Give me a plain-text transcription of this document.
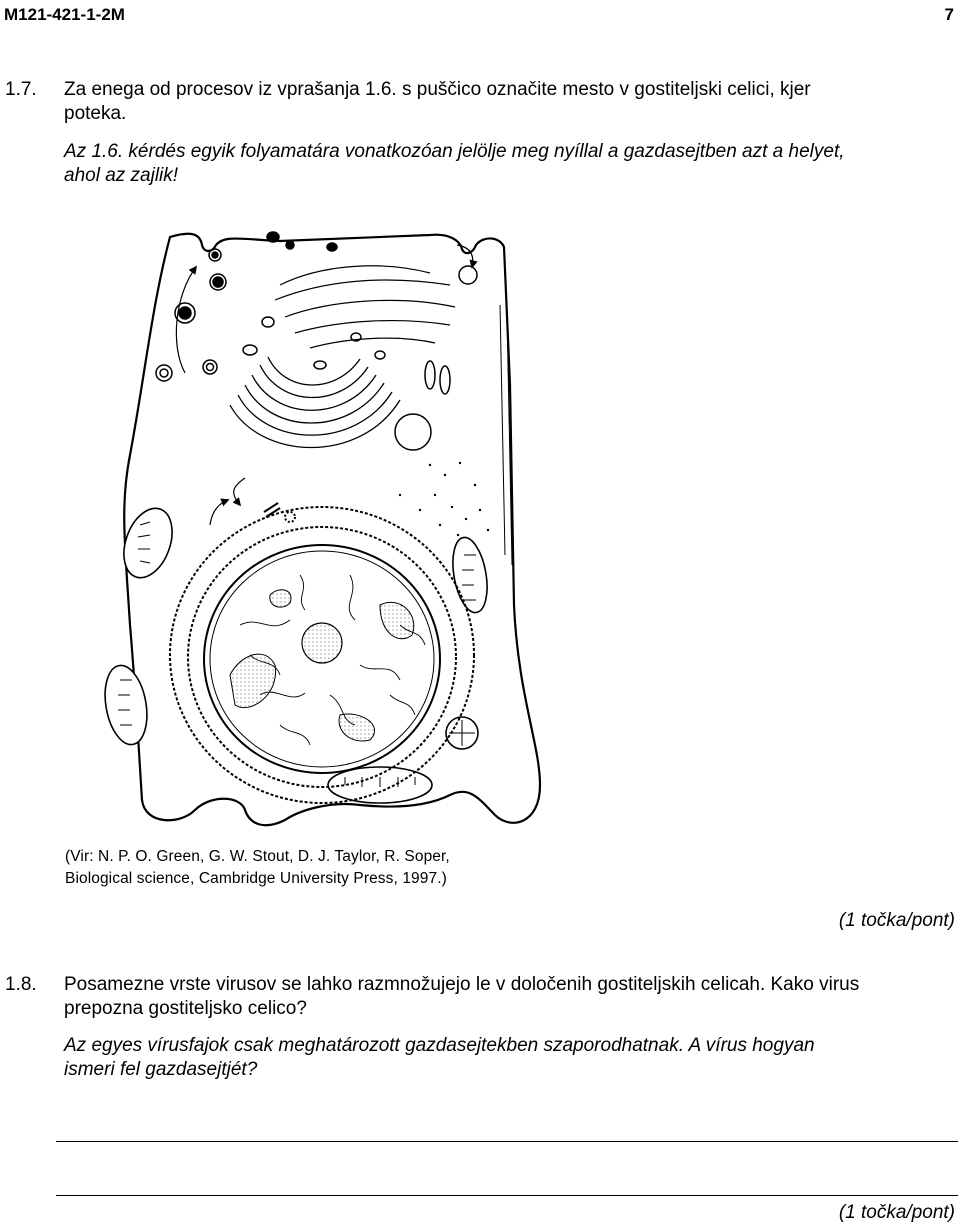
M121-421-1-2M	7
1.7. Za enega od procesov iz vprašanja 1.6. s puščico označite mesto v gostiteljski celici, kjer
poteka.
Az 1.6. kérdés egyik folyamatára vonatkozóan jelölje meg nyíllal a gazdasejtben azt a helyet,
ahol az zajlik!
(Vir: N. P. O. Green, G. W. Stout, D. J. Taylor, R. Soper,
Biological science, Cambridge University Press, 1997.)
(1 točka/pont)
1.8. Posamezne vrste virusov se lahko razmnožujejo le v določenih gostiteljskih celicah. Kako virus
prepozna gostiteljsko celico?
Az egyes vírusfajok csak meghatározott gazdasejtekben szaporodhatnak. A vírus hogyan
ismeri fel gazdasejtjét?
(1 točka/pont)
